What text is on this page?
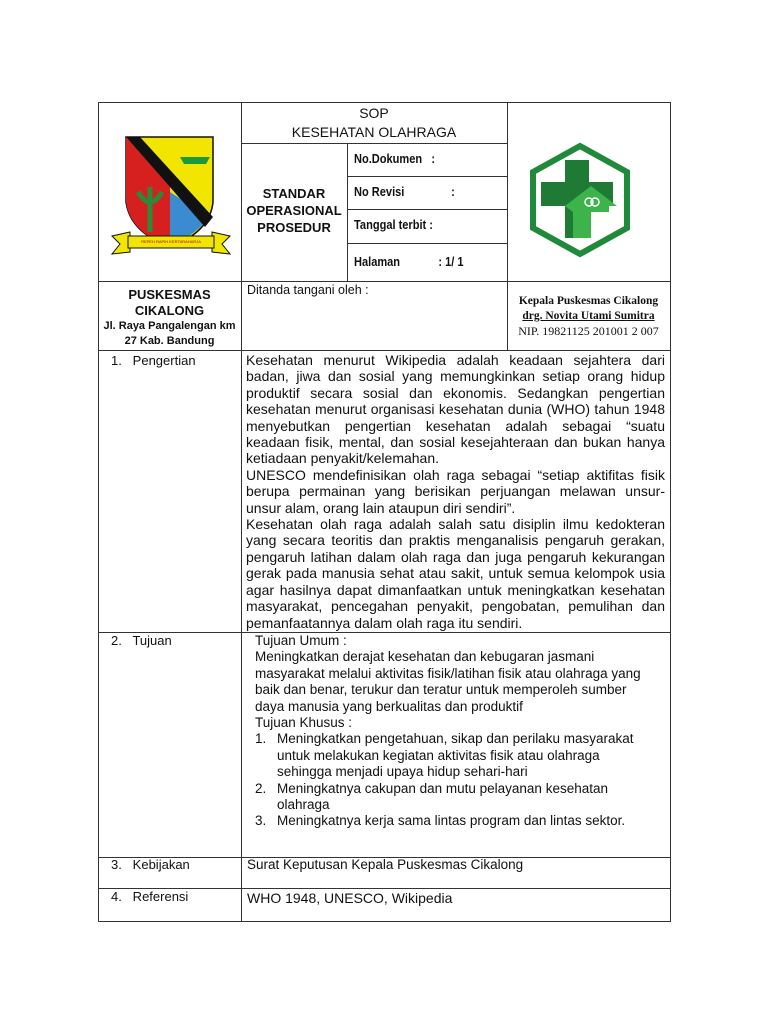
REPEH RAPIH KERTARAHARJA
SOP
KESEHATAN OLAHRAGA
STANDAR
OPERASIONAL
PROSEDUR
No.Dokumen :
No Revisi	:
Tanggal terbit :
Halaman	: 1/ 1
PUSKESMAS
CIKALONG
Jl. Raya Pangalengan km
27 Kab. Bandung
Ditanda tangani oleh :
Kepala Puskesmas Cikalong
drg. Novita Utami Sumitra
NIP. 19821125 201001 2 007
1.   Pengertian
2.   Tujuan
3.   Kebijakan
4.   Referensi

Kesehatan menurut Wikipedia adalah keadaan sejahtera dari badan, jiwa dan sosial yang memungkinkan setiap orang hidup produktif secara sosial dan ekonomis. Sedangkan pengertian kesehatan menurut organisasi kesehatan dunia (WHO) tahun 1948 menyebutkan pengertian kesehatan adalah sebagai “suatu keadaan fisik, mental, dan sosial kesejahteraan dan bukan hanya ketiadaan penyakit/kelemahan.

UNESCO mendefinisikan olah raga sebagai “setiap aktifitas fisik berupa permainan yang berisikan perjuangan melawan unsur-unsur alam, orang lain ataupun diri sendiri”.

Kesehatan olah raga adalah salah satu disiplin ilmu kedokteran yang secara teoritis dan praktis menganalisis pengaruh gerakan, pengaruh latihan dalam olah raga dan juga pengaruh kekurangan gerak pada manusia sehat atau sakit, untuk semua kelompok usia agar hasilnya dapat dimanfaatkan untuk meningkatkan kesehatan masyarakat, pencegahan penyakit, pengobatan, pemulihan dan pemanfaatannya dalam olah raga itu sendiri.

Tujuan Umum :
Meningkatkan derajat kesehatan dan kebugaran jasmani masyarakat melalui aktivitas fisik/latihan fisik atau olahraga yang baik dan benar, terukur dan teratur untuk memperoleh sumber daya manusia yang berkualitas dan produktif
Tujuan Khusus :
1. Meningkatkan pengetahuan, sikap dan perilaku masyarakat untuk melakukan kegiatan aktivitas fisik atau olahraga sehingga menjadi upaya hidup sehari-hari
2. Meningkatnya cakupan dan mutu pelayanan kesehatan olahraga
3. Meningkatnya kerja sama lintas program dan lintas sektor.
Surat Keputusan Kepala Puskesmas Cikalong
WHO 1948, UNESCO, Wikipedia
